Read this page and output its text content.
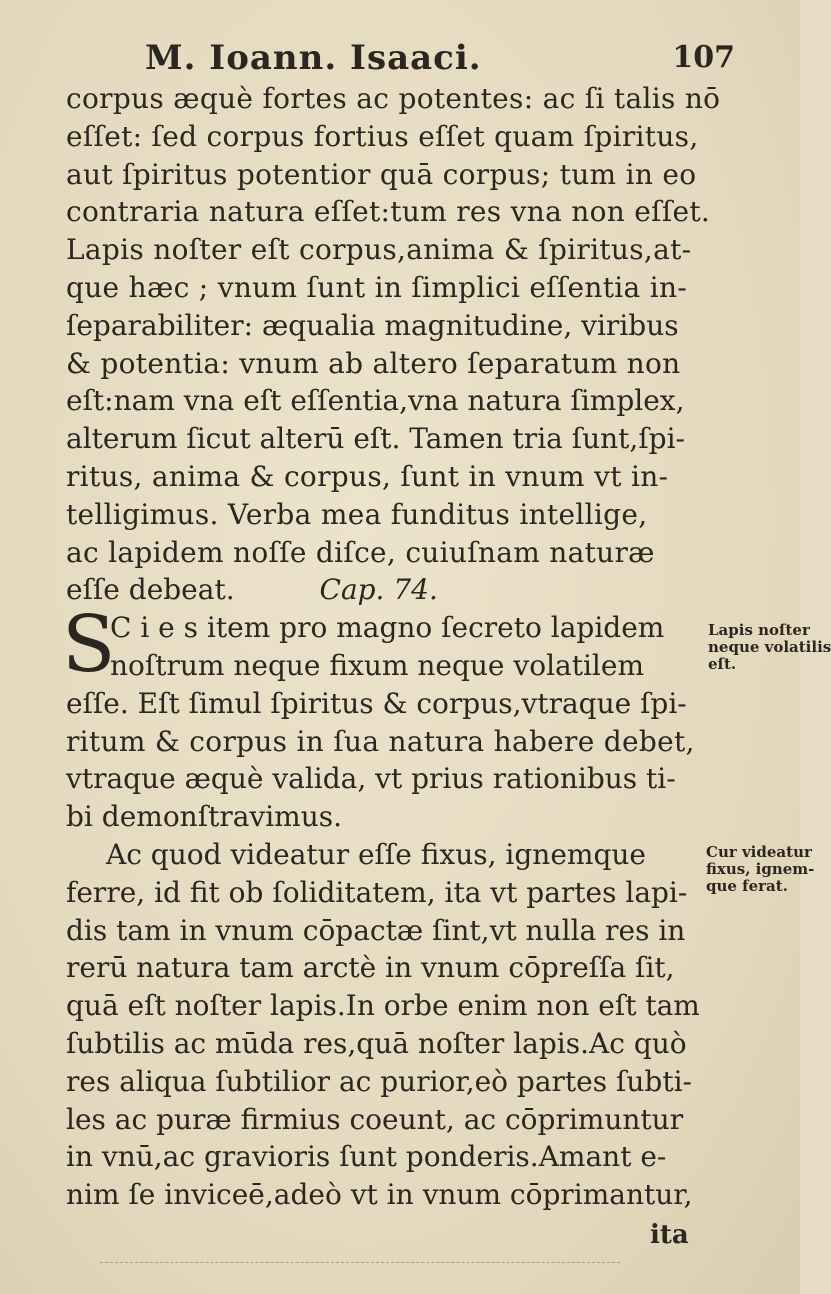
M. Ioann. Isaaci.	107
corpus æquè fortes ac potentes: ac ſi talis nō
eſſet: ſed corpus fortius eſſet quam ſpiritus,
aut ſpiritus potentior quā corpus; tum in eo
contraria natura eſſet:tum res vna non eſſet.
Lapis noſter eſt corpus,anima & ſpiritus,at-
que hæc ; vnum ſunt in ſimplici eſſentia in-
ſeparabiliter: æqualia magnitudine, viribus
& potentia: vnum ab altero ſeparatum non
eſt:nam vna eſt eſſentia,vna natura ſimplex,
alterum ſicut alterū eſt. Tamen tria ſunt,ſpi-
ritus, anima & corpus, ſunt in vnum vt in-
telligimus. Verba mea funditus intellige,
ac lapidem noſſe diſce, cuiuſnam naturæ
eſſe debeat.	Cap. 74.
S
C i e s item pro magno ſecreto lapidem
noſtrum neque fixum neque volatilem
eſſe. Eſt ſimul ſpiritus & corpus,vtraque ſpi-
ritum & corpus in ſua natura habere debet,
vtraque æquè valida, vt prius rationibus ti-
bi demonſtravimus.
Ac quod videatur eſſe fixus, ignemque
ferre, id fit ob ſoliditatem, ita vt partes lapi-
dis tam in vnum cōpactæ ſint,vt nulla res in
rerū natura tam arctè in vnum cōpreſſa ſit,
quā eſt noſter lapis.In orbe enim non eſt tam
ſubtilis ac mūda res,quā noſter lapis.Ac quò
res aliqua ſubtilior ac purior,eò partes ſubti-
les ac puræ firmius coeunt, ac cōprimuntur
in vnū,ac gravioris ſunt ponderis.Amant e-
nim ſe inviceē,adeò vt in vnum cōprimantur,
ita
Lapis noſter
neque volatilis
eſt.
Cur videatur
fixus, ignem-
que ferat.
